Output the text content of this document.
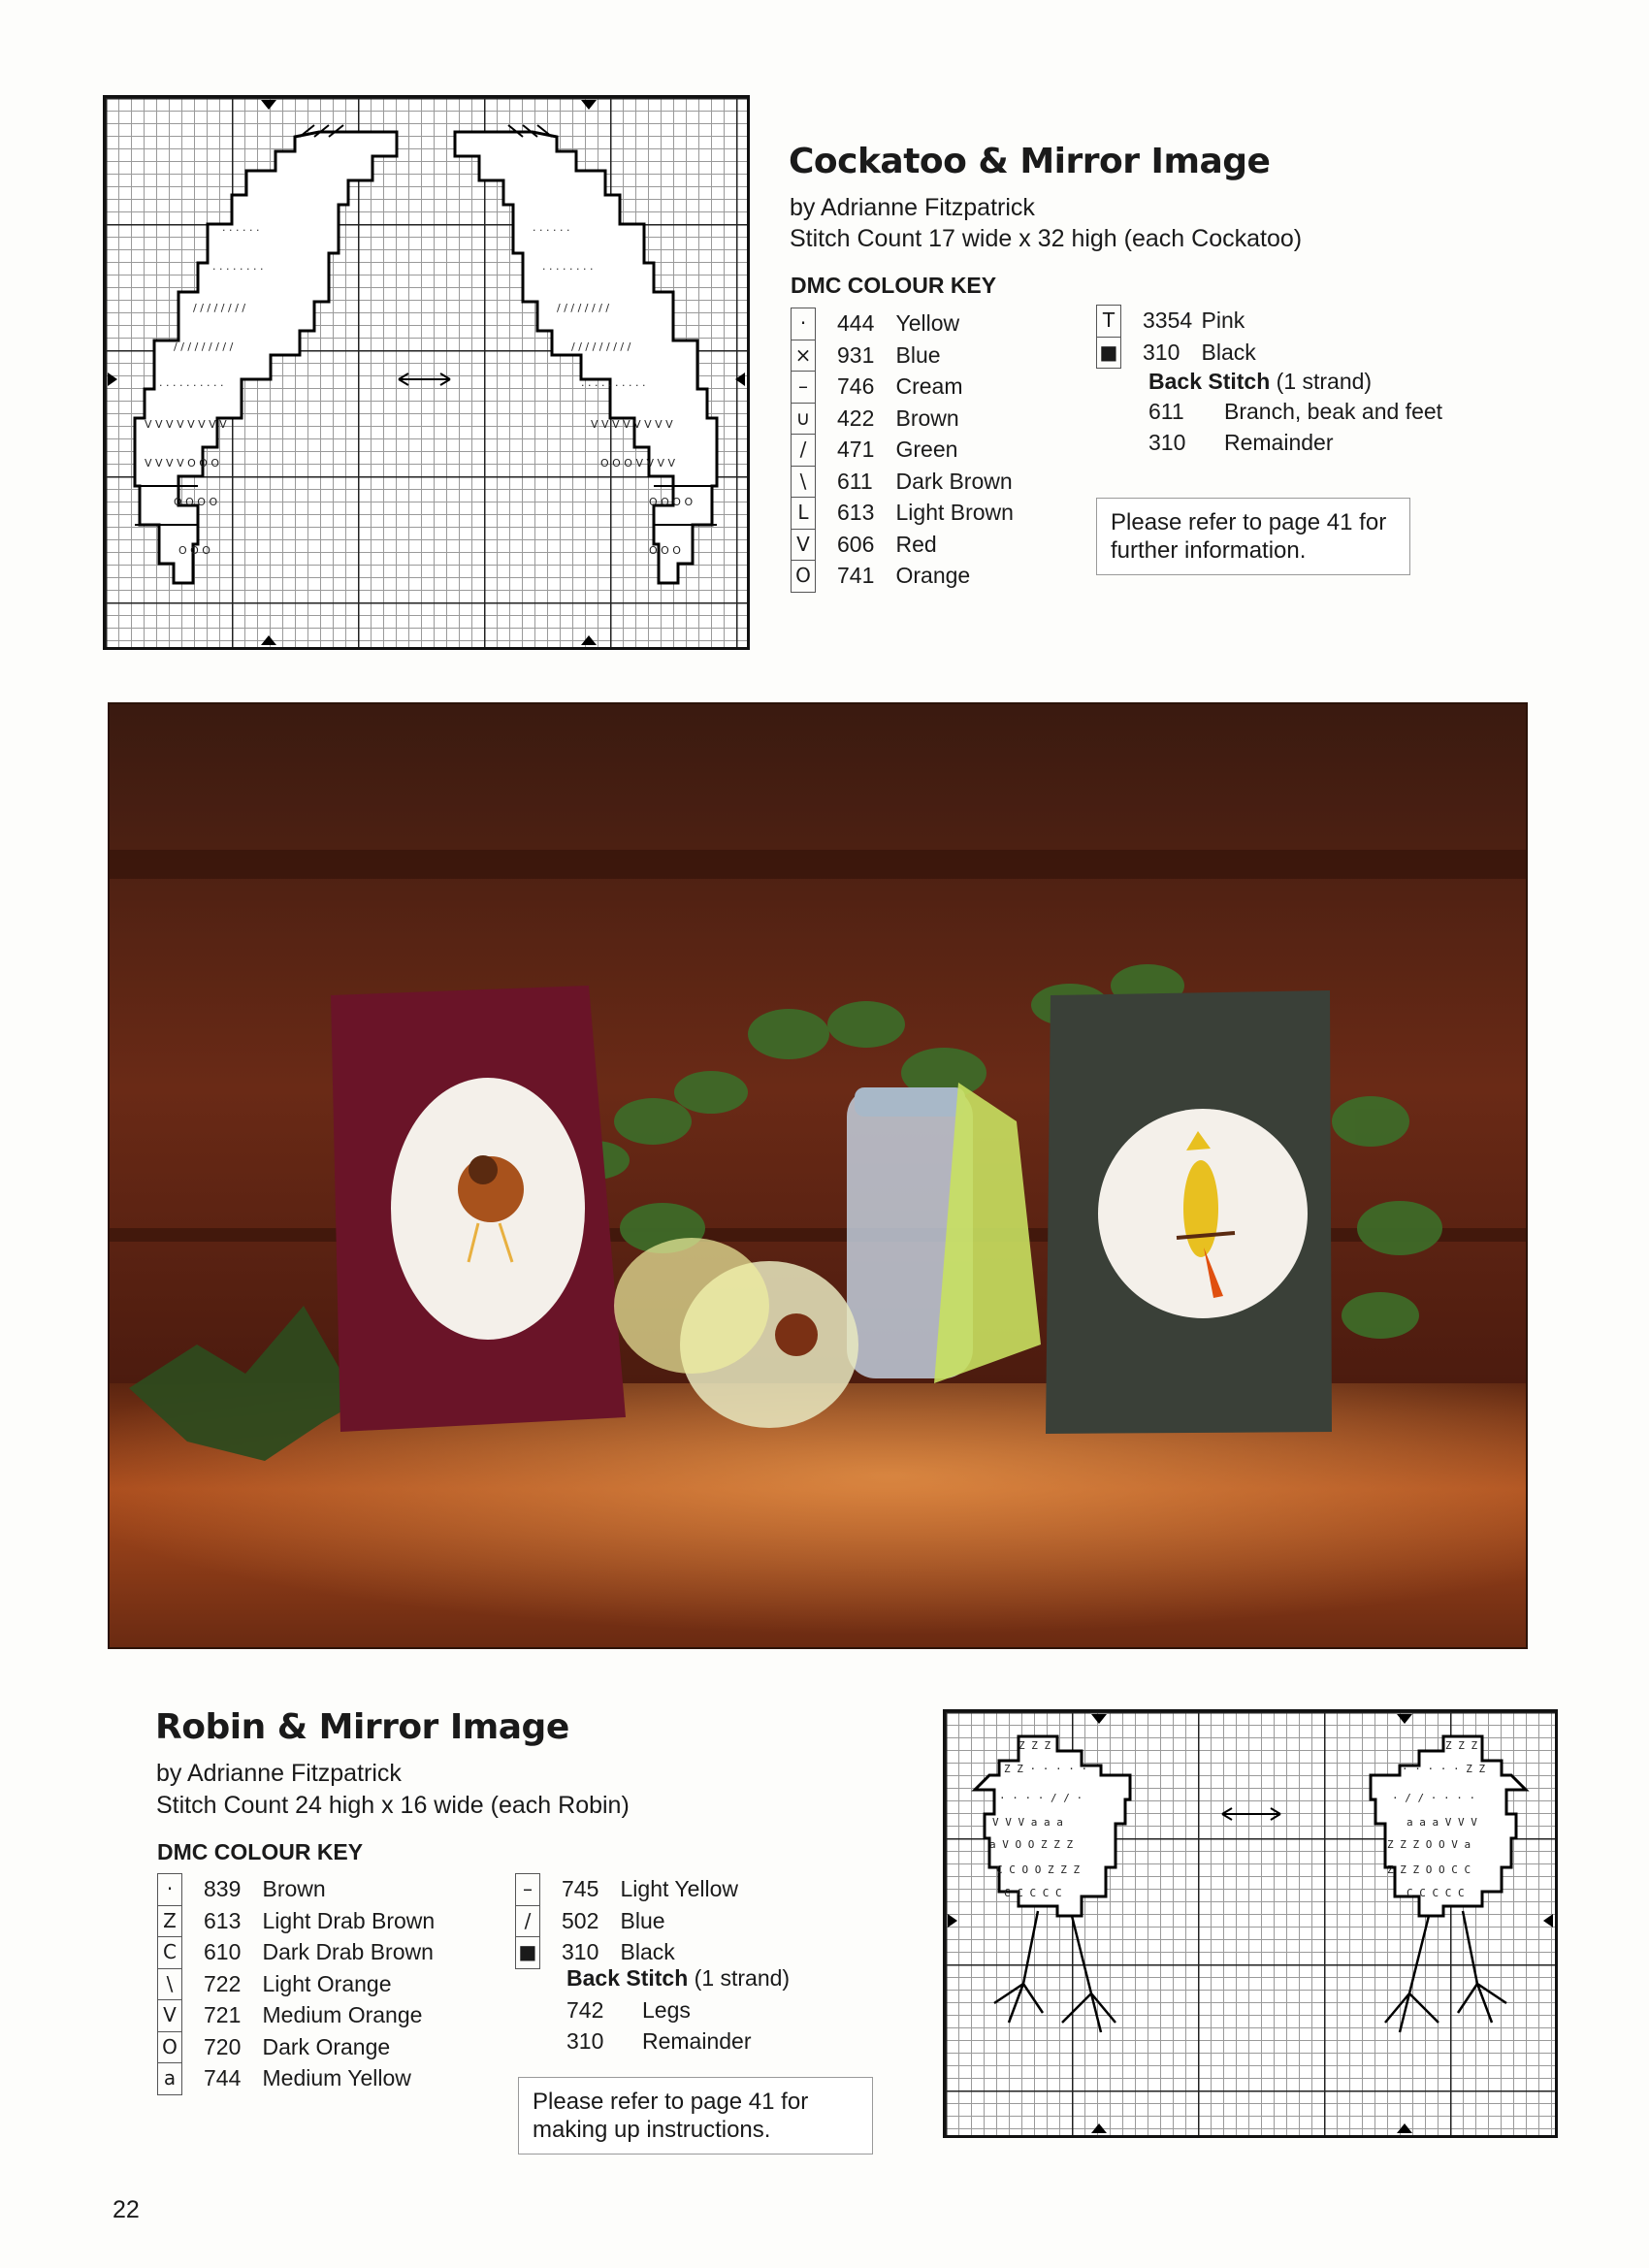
· · · · · ·
· · · · · · · ·
/ / / / / / / /
/ / / / / / / / /
· · · · · · · · · ·
V V V V V V V V
V V V V O O O
O O O O
O O O
· · · · · ·
· · · · · · · ·
/ / / / / / / /
/ / / / / / / / /
· · · · · · · · · ·
V V V V V V V V
O O O V V V V
O O O O
O O O
Cockatoo & Mirror Image
by Adrianne Fitzpatrick
Stitch Count 17 wide x 32 high (each Cockatoo)
DMC COLOUR KEY
·	444	Yellow
×	931	Blue
–	746	Cream
∪	422	Brown
/	471	Green
\	611	Dark Brown
L	613	Light Brown
V	606	Red
O	741	Orange
T	3354	Pink
■	310	Black
Back Stitch (1 strand)
611	Branch, beak and feet
310	Remainder
Please refer to page 41 for further information.
Robin & Mirror Image
by Adrianne Fitzpatrick
Stitch Count 24 high x 16 wide (each Robin)
DMC COLOUR KEY
·	839	Brown
Z	613	Light Drab Brown
C	610	Dark Drab Brown
\	722	Light Orange
V	721	Medium Orange
O	720	Dark Orange
a	744	Medium Yellow
–	745	Light Yellow
/	502	Blue
■	310	Black
Back Stitch (1 strand)
742	Legs
310	Remainder
Please refer to page 41 for making up instructions.
Z Z Z
Z Z · · · · ·
· · · · / / ·
V V V a a a
a V O O Z Z Z
C C O O Z Z Z
C C C C C
Z Z Z
· · · · · Z Z
· / / · · · ·
a a a V V V
Z Z Z O O V a
Z Z Z O O C C
C C C C C
22
